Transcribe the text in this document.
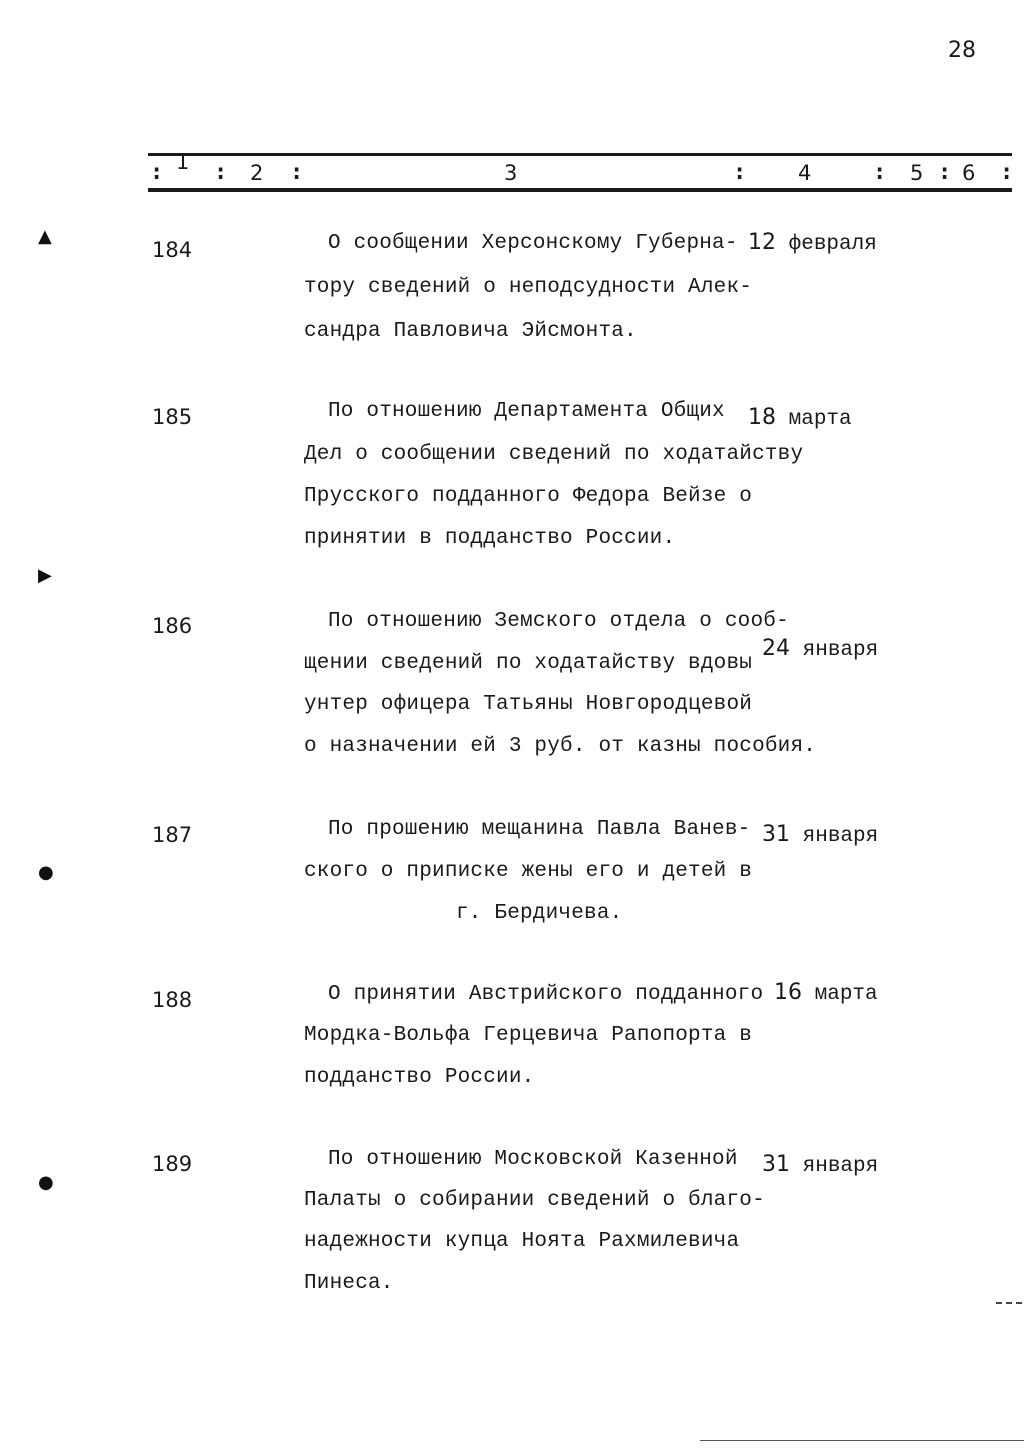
28
: 1 : 2 :	3	: 4	: 5 : 6 :
184	О сообщении Херсонскому Губерна-
тору сведений о неподсудности Алек-
сандра Павловича Эйсмонта.
12 февраля
185	По отношению Департамента Общих
Дел о сообщении сведений по ходатайству
Прусского подданного Федора Вейзе о
принятии в подданство России.
18 марта
186	По отношению Земского отдела о сооб-
щении сведений по ходатайству вдовы
унтер офицера Татьяны Новгородцевой
о назначении ей 3 руб. от казны пособия.
24 января
187	По прошению мещанина Павла Ванев-
ского о приписке жены его и детей в
г. Бердичева.
31 января
188	О принятии Австрийского подданного
Мордка-Вольфа Герцевича Рапопорта в
подданство России.
16 марта
189	По отношению Московской Казенной
Палаты о собирании сведений о благо-
надежности купца Ноята Рахмилевича
Пинеса.
31 января
▲
▶
●
●
